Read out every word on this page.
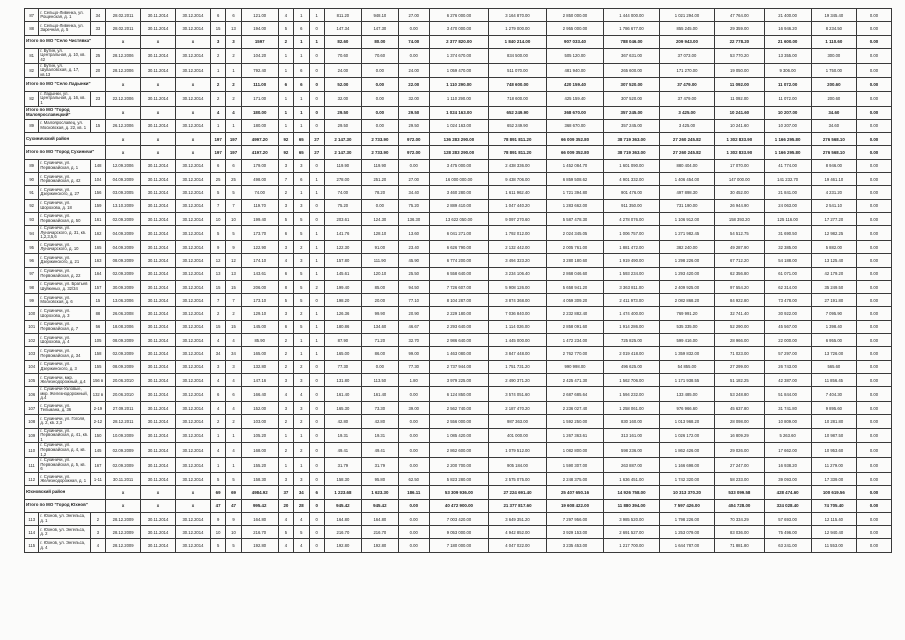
87	г. Сельцо-Ливенка, ул. Рощенская, д. 1	34	28.02.2011	30.11.2014	30.12.2014	6	6	121.00	4	1	1	811.20	948.10	27.00	6 276 000.00	3 164 870.00	2 850 000.00	1 444 000.00	1 021 294.00	47 764.00	21 400.00	19 345.40	0.00
88	г. Сельцо-Ливенка, ул. Заречная, д. 5	33	28.02.2011	30.11.2014	30.12.2014	15	13	194.00	5	6	0	147.34	147.30	0.00	3 470 000.00	1 279 000.00	2 955 000.00	1 786 677.00	855 245.00	29 359.00	16 946.20	8 234.50	0.00
Итого по МО "Село Чистявка"			x	x	x	3	3	1597	2	1	1	82.60	80.00	74.00	2 377 820.00	1 840 214.00	907 033.40	788 046.00	209 943.00	22 778.20	21 600.00	1 110.60	0.00
81	г. Бутин, ул. Центральная, д. 10, кв. 42	25	28.12.2006	30.11.2014	30.12.2014	2	2	104.20	1	1	0	70.60	70.60	0.00	1 374 670.00	834 500.00	505 120.00	367 631.00	37 073.00	53 770.20	13 355.00	300.00	0.00
82	г. Бутин, ул. Шуваловская, д. 17, кв.13	20	28.12.2006	30.11.2014	30.12.2014	1	1	792.40	1	6	0	24.00	0.00	24.00	1 059 470.00	511 070.00	481 940.00	265 600.00	171 270.00	19 050.00	9 306.00	1 750.00	0.00
Итого по МО "Село Ладынки"			x	x	x	2	2	111.00	6	6	0	52.00	0.00	22.00	1 110 290.00	748 600.00	420 159.40	307 520.00	37 479.00	11 092.00	11 072.00	200.60	0.00
82	г. Ладынки, ул. Центральная, д. 16, кв. 1	23	22.12.2006	30.11.2014	30.12.2014	2	2	171.00	1	1	0	32.00	0.00	32.00	1 110 290.00	718 600.00	425 159.40	307 520.00	37 479.00	11 092.00	11 072.00	200.60	0.00
Итого по МО "Город Малоярославецкий"			x	x	x	4	4	180.00	1	1	0	29.50	0.00	29.50	1 024 163.00	652 249.90	368 670.00	357 245.00	3 425.00	10 241.60	10 207.00	34.60	0.00
89	г. Малоярославец, ул. Московская, д. 22, кв. 1	15	26.12.2006	30.11.2014	30.12.2014	1	1	180.00	1	1	0	29.50	0.00	29.50	1 024 163.00	652 249.90	368 670.00	357 245.00	3 425.00	10 241.60	10 207.00	34.60	0.00
Сухиничский район			x	x	x	197	197	4997.20	92	65	27	2 147.30	2 733.90	972.00	136 283 290.00	78 891 811.20	66 009 352.80	38 719 363.00	27 260 245.82	1 302 833.90	1 166 295.80	276 568.10	0.00
Итого по МО "Город Сухиничи"			x	x	x	197	197	4197.20	92	65	27	2 147.30	2 733.90	972.00	128 283 290.00	78 891 811.20	66 009 352.80	38 719 363.00	27 260 245.82	1 302 833.90	1 166 295.80	276 568.10	0.00
89	г. Сухиничи, ул. Первомайская, д. 1	148	12.09.2006	30.11.2014	30.12.2014	6	6	179.00	3	3	0	119.90	119.90	0.00	3 475 000.00	2 438 336.00	1 452 084.70	1 601 090.00	880 404.00	17 070.00	41 774.00	8 946.00	0.00
90	г. Сухиничи, ул. Первомайская, д. 42	104	04.09.2009	30.11.2014	30.12.2014	25	25	498.00	7	6	1	278.00	251.20	27.00	16 000 000.00	9 438 706.00	6 859 508.62	4 901 332.00	1 406 454.00	147 000.00	141 232.70	19 461.10	0.00
91	г. Сухиничи, ул. Дзержинского, д. 27	156	03.09.2005	30.11.2014	30.12.2014	5	5	74.00	2	1	1	74.00	78.20	34.40	3 460 280.00	1 611 962.40	1 721 394.80	901 476.00	497 898.30	30 452.00	21 841.00	4 231.20	0.00
92	г. Сухиничи, ул. Шорохова, д. 18	159	13.10.2009	30.11.2014	30.12.2014	7	7	119.70	3	3	0	75.20	0.00	75.20	2 889 410.00	1 047 440.20	1 283 662.00	911 350.00	731 190.00	26 944.90	24 063.00	2 541.10	0.00
93	г. Сухиничи, ул. Первомайская, д. 50	161	02.09.2009	30.11.2014	30.12.2014	10	10	199.40	5	5	0	203.61	124.30	136.30	13 622 050.00	9 097 270.60	5 587 478.30	4 278 076.00	1 106 912.00	158 393.20	125 116.00	17 277.20	0.00
94	г. Сухиничи, ул. Луначарского, д. 31, кв. 1,2,3,5,6	162	04.09.2009	30.11.2014	30.12.2014	5	5	173.70	6	5	1	141.76	128.10	13.60	6 041 271.00	1 792 012.00	2 024 345.05	1 006 757.00	1 271 982.45	54 512.75	31 690.50	12 982.25	0.00
95	г. Сухиничи, ул. Луначарского, д. 10	165	04.09.2009	30.11.2014	30.12.2014	9	9	122.90	3	2	1	122.30	91.00	23.40	6 626 790.00	2 132 442.00	2 005 761.00	1 881 472.00	382 240.00	49 287.90	32 385.00	5 882.00	0.00
96	г. Сухиничи, ул. Дзержинского, д. 21	163	08.09.2009	30.11.2014	30.12.2014	12	12	174.10	4	3	1	157.80	111.90	45.90	6 774 200.00	3 494 323.20	3 280 180.60	1 919 490.00	1 298 226.00	67 712.20	54 188.00	13 125.40	0.00
97	г. Сухиничи, ул. Первомайская, д. 22	164	02.09.2009	30.11.2014	30.12.2014	13	13	143.61	6	5	1	145.61	120.10	25.50	6 558 640.00	3 234 106.40	2 868 046.60	1 593 234.00	1 293 420.00	62 356.80	61 071.00	42 179.20	0.00
98	г. Сухиничи, ул. Братьев Шуйкиных, д. 32/34	157	30.09.2009	30.11.2014	30.12.2014	15	15	206.00	8	5	2	199.40	85.00	94.50	7 726 607.00	5 908 126.00	5 658 941.20	3 363 811.00	2 409 925.00	97 554.20	62 314.00	35 249.50	0.00
99	г. Сухиничи, ул. Московская, д. 6	15	13.06.2006	30.11.2014	30.12.2014	7	7	173.10	5	5	0	198.20	20.00	77.10	8 104 287.00	3 874 368.00	4 059 309.20	2 411 973.00	2 082 868.20	84 922.80	73 478.00	27 191.80	0.00
100	г. Сухиничи, ул. Шорохова, д. 3	88	26.06.2008	30.11.2014	30.12.2014	2	2	129.10	3	2	1	126.36	99.90	20.90	2 229 180.00	7 036 840.00	2 232 882.40	1 474 400.00	769 991.20	32 741.40	30 922.00	7 095.90	0.00
101	г. Сухиничи, ул. Первомайская, д. 7	56	18.08.2006	30.11.2014	30.12.2014	15	15	145.00	6	5	1	180.86	134.60	46.67	2 293 640.00	1 114 026.00	2 858 091.60	1 914 286.00	535 335.00	52 290.00	45 567.00	1 398.40	0.00
102	г. Сухиничи, ул. Шорохова, д. 4	105	08.09.2009	30.11.2014	30.12.2014	4	4	85.90	2	1	1	87.90	71.20	32.70	2 986 640.00	1 445 000.00	1 472 234.00	725 825.00	599 416.00	28 966.00	22 000.00	6 955.00	0.00
103	г. Сухиничи, ул. Первомайская, д. 34	158	02.09.2009	30.11.2014	30.12.2014	34	34	165.00	2	1	1	165.00	86.00	99.00	1 463 080.00	3 847 448.00	2 762 770.00	2 019 418.00	1 359 832.00	71 023.00	57 297.00	13 726.00	0.00
104	г. Сухиничи, ул. Дзержинского, д. 3	155	08.09.2009	30.11.2014	30.12.2014	3	3	132.80	2	2	0	77.30	0.00	77.30	2 737 944.00	1 751 731.20	990 998.00	496 625.00	54 855.00	27 299.00	26 743.00	565.60	0.00
105	г. Сухиничи, мкр. Железнодорожный, д.4	156 в	20.06.2010	30.11.2014	30.12.2014	4	4	147.16	3	3	0	131.80	113.50	1.80	3 979 225.00	2 490 371.20	2 425 471.30	1 562 706.00	1 171 938.55	51 182.25	42 387.00	11 856.45	0.00
106	г. Сухиничи-Узловые, мкр. Железнодорожный, д.4	132 в	20.06.2010	30.11.2014	30.12.2014	6	6	166.40	4	4	0	161.40	161.40	0.00	6 124 850.00	3 574 051.60	2 687 685.64	1 594 232.00	133 485.00	53 248.80	51 844.00	7 404.30	0.00
107	г. Сухиничи, ул. Тельмана, д. 36	2-19	27.09.2011	30.11.2014	30.12.2014	4	4	152.00	3	3	0	165.30	73.30	39.00	2 562 740.00	2 187 470.20	2 236 027.40	1 258 061.00	976 966.60	45 637.80	31 741.80	9 895.60	0.00
108	г. Сухиничи, ул. Гоголя, д. 2, кв. 2,3	2-12	28.12.2011	30.11.2014	30.12.2014	2	2	103.00	2	2	0	42.80	42.80	0.00	2 556 000.00	987 363.00	1 592 250.00	830 160.00	1 013 968.20	28 098.00	10 809.00	10 281.80	0.00
109	г. Сухиничи, ул. Первомайская, д. 41, кв. 1	150	10.09.2009	30.11.2014	30.12.2014	1	1	105.20	1	1	0	19.31	19.31	0.00	1 085 420.00	401 000.00	1 267 363.61	313 161.00	1 026 172.00	16 809.29	5 263.60	10 987.50	0.00
110	г. Сухиничи, ул. Первомайская, д. 4, кв. 1,2	145	02.09.2009	30.11.2014	30.12.2014	4	4	168.00	2	2	0	49.41	49.41	0.00	2 862 600.00	1 079 512.00	1 082 800.00	598 236.00	1 862 426.00	29 026.00	17 662.00	10 953.60	0.00
111	г. Сухиничи, ул. Первомайская, д. 5, кв. 6	167	02.09.2009	30.11.2014	30.12.2014	1	1	155.20	1	1	0	31.79	31.79	0.00	2 200 700.00	905 184.00	1 590 307.00	263 887.00	1 166 698.00	27 247.00	16 938.20	11 279.00	0.00
112	г. Сухиничи, ул. Железнодорожная, д. 1	1-11	30.11.2011	30.11.2014	30.12.2014	5	5	158.30	3	3	0	158.30	95.80	62.50	5 823 280.00	2 575 075.00	2 248 375.00	1 636 451.00	1 742 320.00	58 233.00	39 093.00	17 339.00	0.00
Юхновский район			x	x	x	69	69	4984.92	37	34	6	1 223.68	1 623.30	186.11	53 309 936.00	27 224 691.40	25 407 650.16	14 926 758.00	10 313 370.20	533 099.58	428 474.60	100 619.56	0.00
Итого по МО "Город Юхнов"			x	x	x	47	47	995.42	20	28	0	945.42	945.42	0.00	40 472 900.00	21 377 817.60	19 608 422.00	11 880 394.00	7 597 426.00	404 728.00	324 028.40	74 705.40	0.00
113	г. Юхнов, ул. Энгельса, д. 1	2	28.12.2009	30.11.2014	30.12.2014	9	9	164.80	4	4	0	164.80	164.80	0.00	7 003 420.00	3 649 351.20	7 297 956.00	3 985 520.00	1 798 226.00	70 334.29	57 693.00	12 115.40	0.00
114	г. Юхнов, ул. Энгельса, д. 2	3	28.12.2009	30.11.2014	30.12.2014	10	10	216.70	5	5	0	216.70	216.70	0.00	9 053 000.00	4 942 852.00	3 929 153.00	2 691 527.00	1 253 079.00	83 036.00	75 496.00	12 940.40	0.00
115	г. Юхнов, ул. Энгельса, д. 4	4	28.12.2009	30.11.2014	30.12.2014	5	5	192.80	4	4	0	192.80	192.80	0.00	7 180 000.00	4 047 022.00	3 235 453.00	1 217 700.00	1 644 787.00	71 881.80	63 241.00	11 553.00	0.00
